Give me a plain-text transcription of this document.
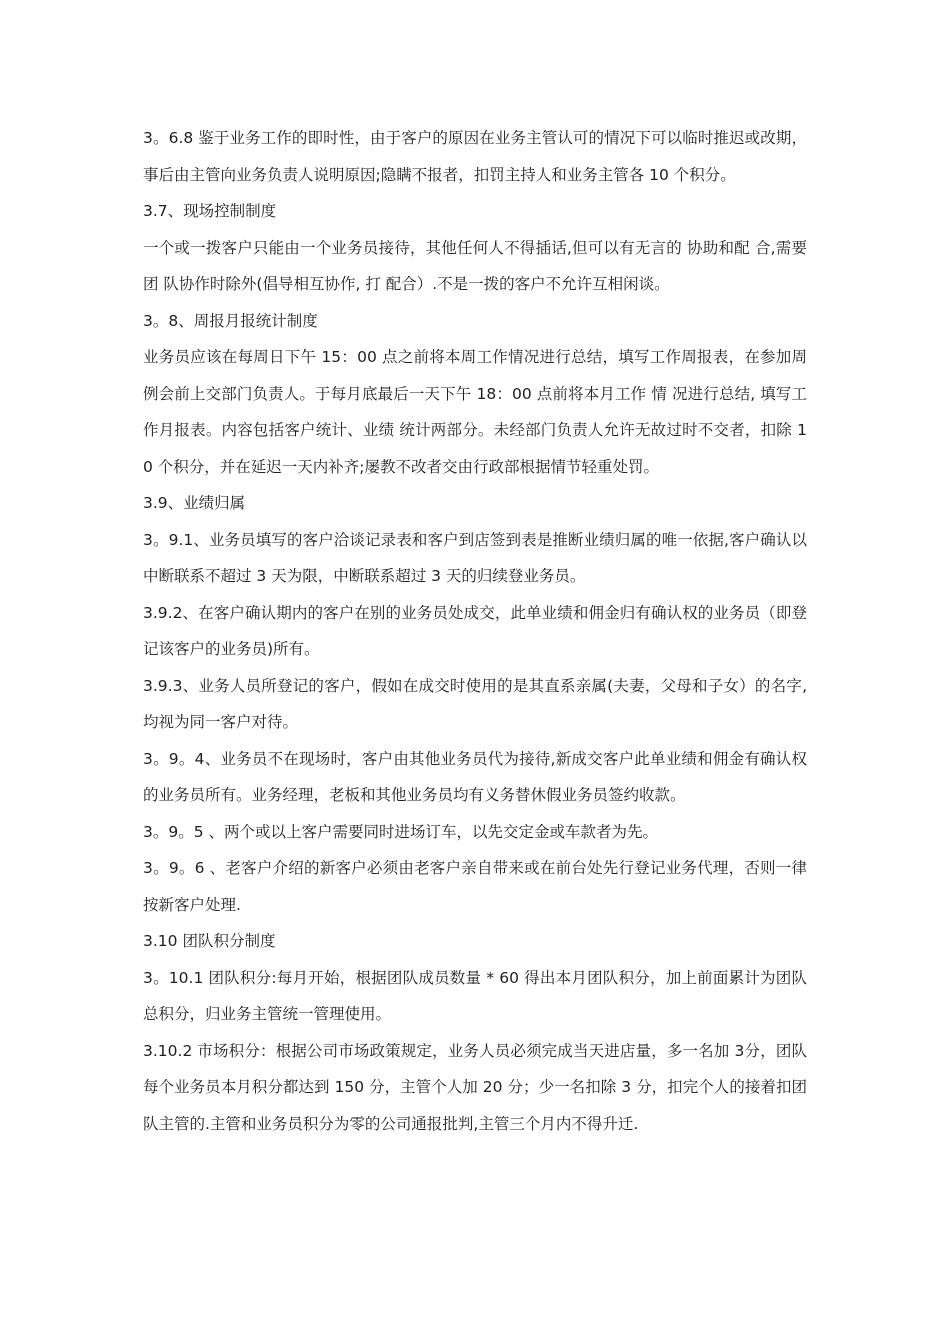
3。6.8 鉴于业务工作的即时性，由于客户的原因在业务主管认可的情况下可以临时推迟或改期，事后由主管向业务负责人说明原因;隐瞒不报者，扣罚主持人和业务主管各 10 个积分。

3.7、现场控制制度

一个或一拨客户只能由一个业务员接待，其他任何人不得插话,但可以有无言的 协助和配 合,需要 团 队协作时除外(倡导相互协作, 打 配合）.不是一拨的客户不允许互相闲谈。

3。8、周报月报统计制度

业务员应该在每周日下午 15：00 点之前将本周工作情况进行总结，填写工作周报表，在参加周例会前上交部门负责人。于每月底最后一天下午 18：00 点前将本月工作 情 况进行总结, 填写工作月报表。内容包括客户统计、业绩 统计两部分。未经部门负责人允许无故过时不交者，扣除 10 个积分，并在延迟一天内补齐;屡教不改者交由行政部根据情节轻重处罚。

3.9、业绩归属

3。9.1、业务员填写的客户洽谈记录表和客户到店签到表是推断业绩归属的唯一依据,客户确认以中断联系不超过 3 天为限，中断联系超过 3 天的归续登业务员。

3.9.2、在客户确认期内的客户在别的业务员处成交，此单业绩和佣金归有确认权的业务员（即登记该客户的业务员)所有。

3.9.3、业务人员所登记的客户，假如在成交时使用的是其直系亲属(夫妻，父母和子女）的名字,均视为同一客户对待。

3。9。4、业务员不在现场时，客户由其他业务员代为接待,新成交客户此单业绩和佣金有确认权的业务员所有。业务经理，老板和其他业务员均有义务替休假业务员签约收款。

3。9。5 、两个或以上客户需要同时进场订车，以先交定金或车款者为先。

3。9。6 、老客户介绍的新客户必须由老客户亲自带来或在前台处先行登记业务代理，否则一律按新客户处理.

3.10 团队积分制度

3。10.1 团队积分:每月开始，根据团队成员数量 * 60 得出本月团队积分，加上前面累计为团队总积分，归业务主管统一管理使用。

3.10.2 市场积分：根据公司市场政策规定，业务人员必须完成当天进店量，多一名加 3分，团队每个业务员本月积分都达到 150 分，主管个人加 20 分；少一名扣除 3 分，扣完个人的接着扣团队主管的.主管和业务员积分为零的公司通报批判,主管三个月内不得升迁.
